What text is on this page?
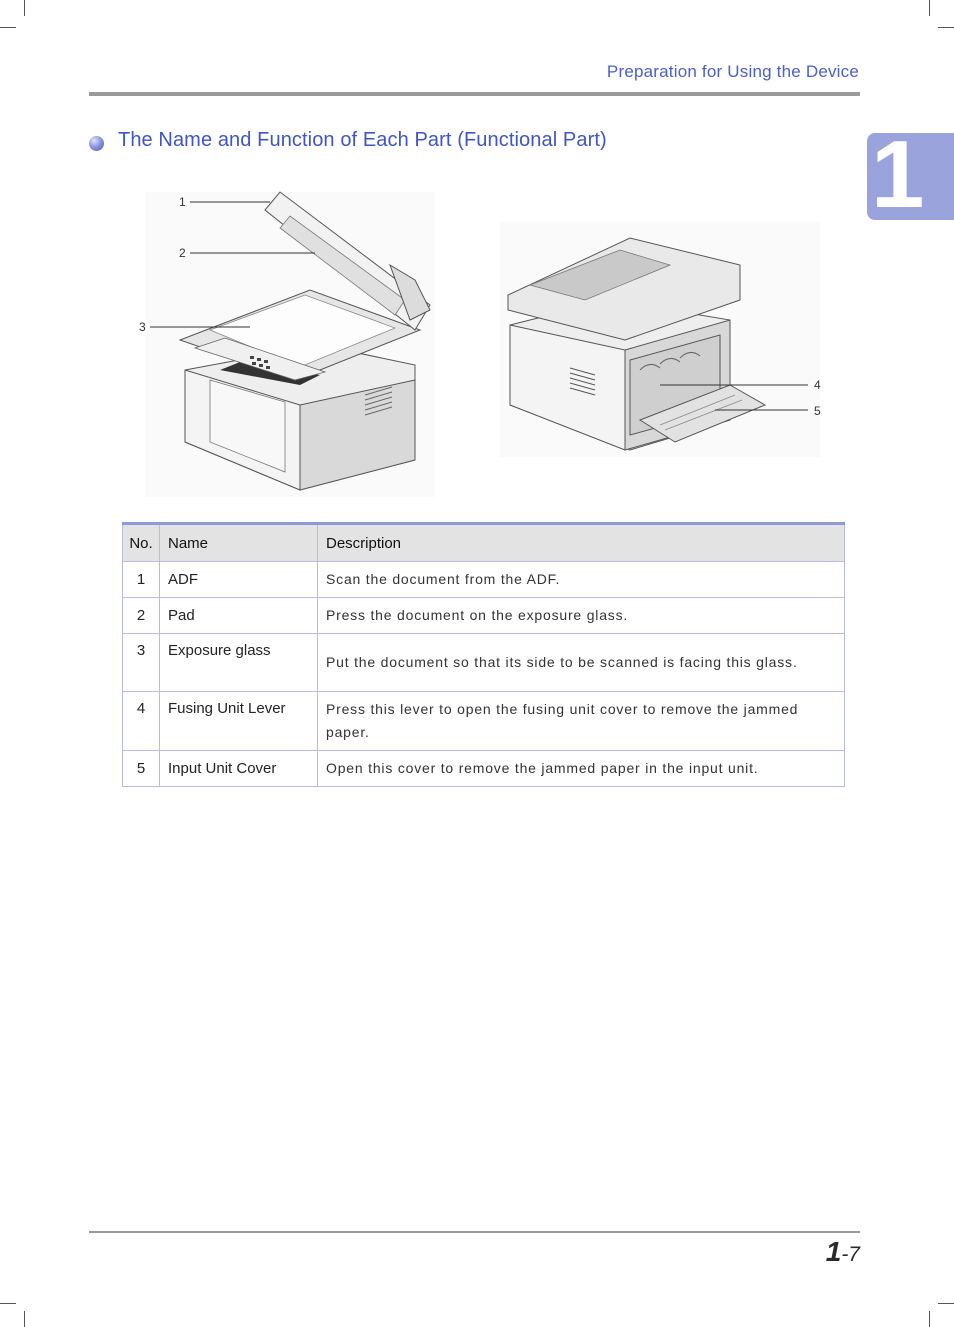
Preparation for Using the Device
1
The Name and Function of Each Part (Functional Part)
1
2
3
4
5
No.	Name	Description
1	ADF	Scan the document from the ADF.
2	Pad	Press the document on the exposure glass.
3	Exposure glass	Put the document so that its side to be scanned is facing this glass.
4	Fusing Unit Lever	Press this lever to open the fusing unit cover to remove the jammed paper.
5	Input Unit Cover	Open this cover to remove the jammed paper in the input unit.
1-7
